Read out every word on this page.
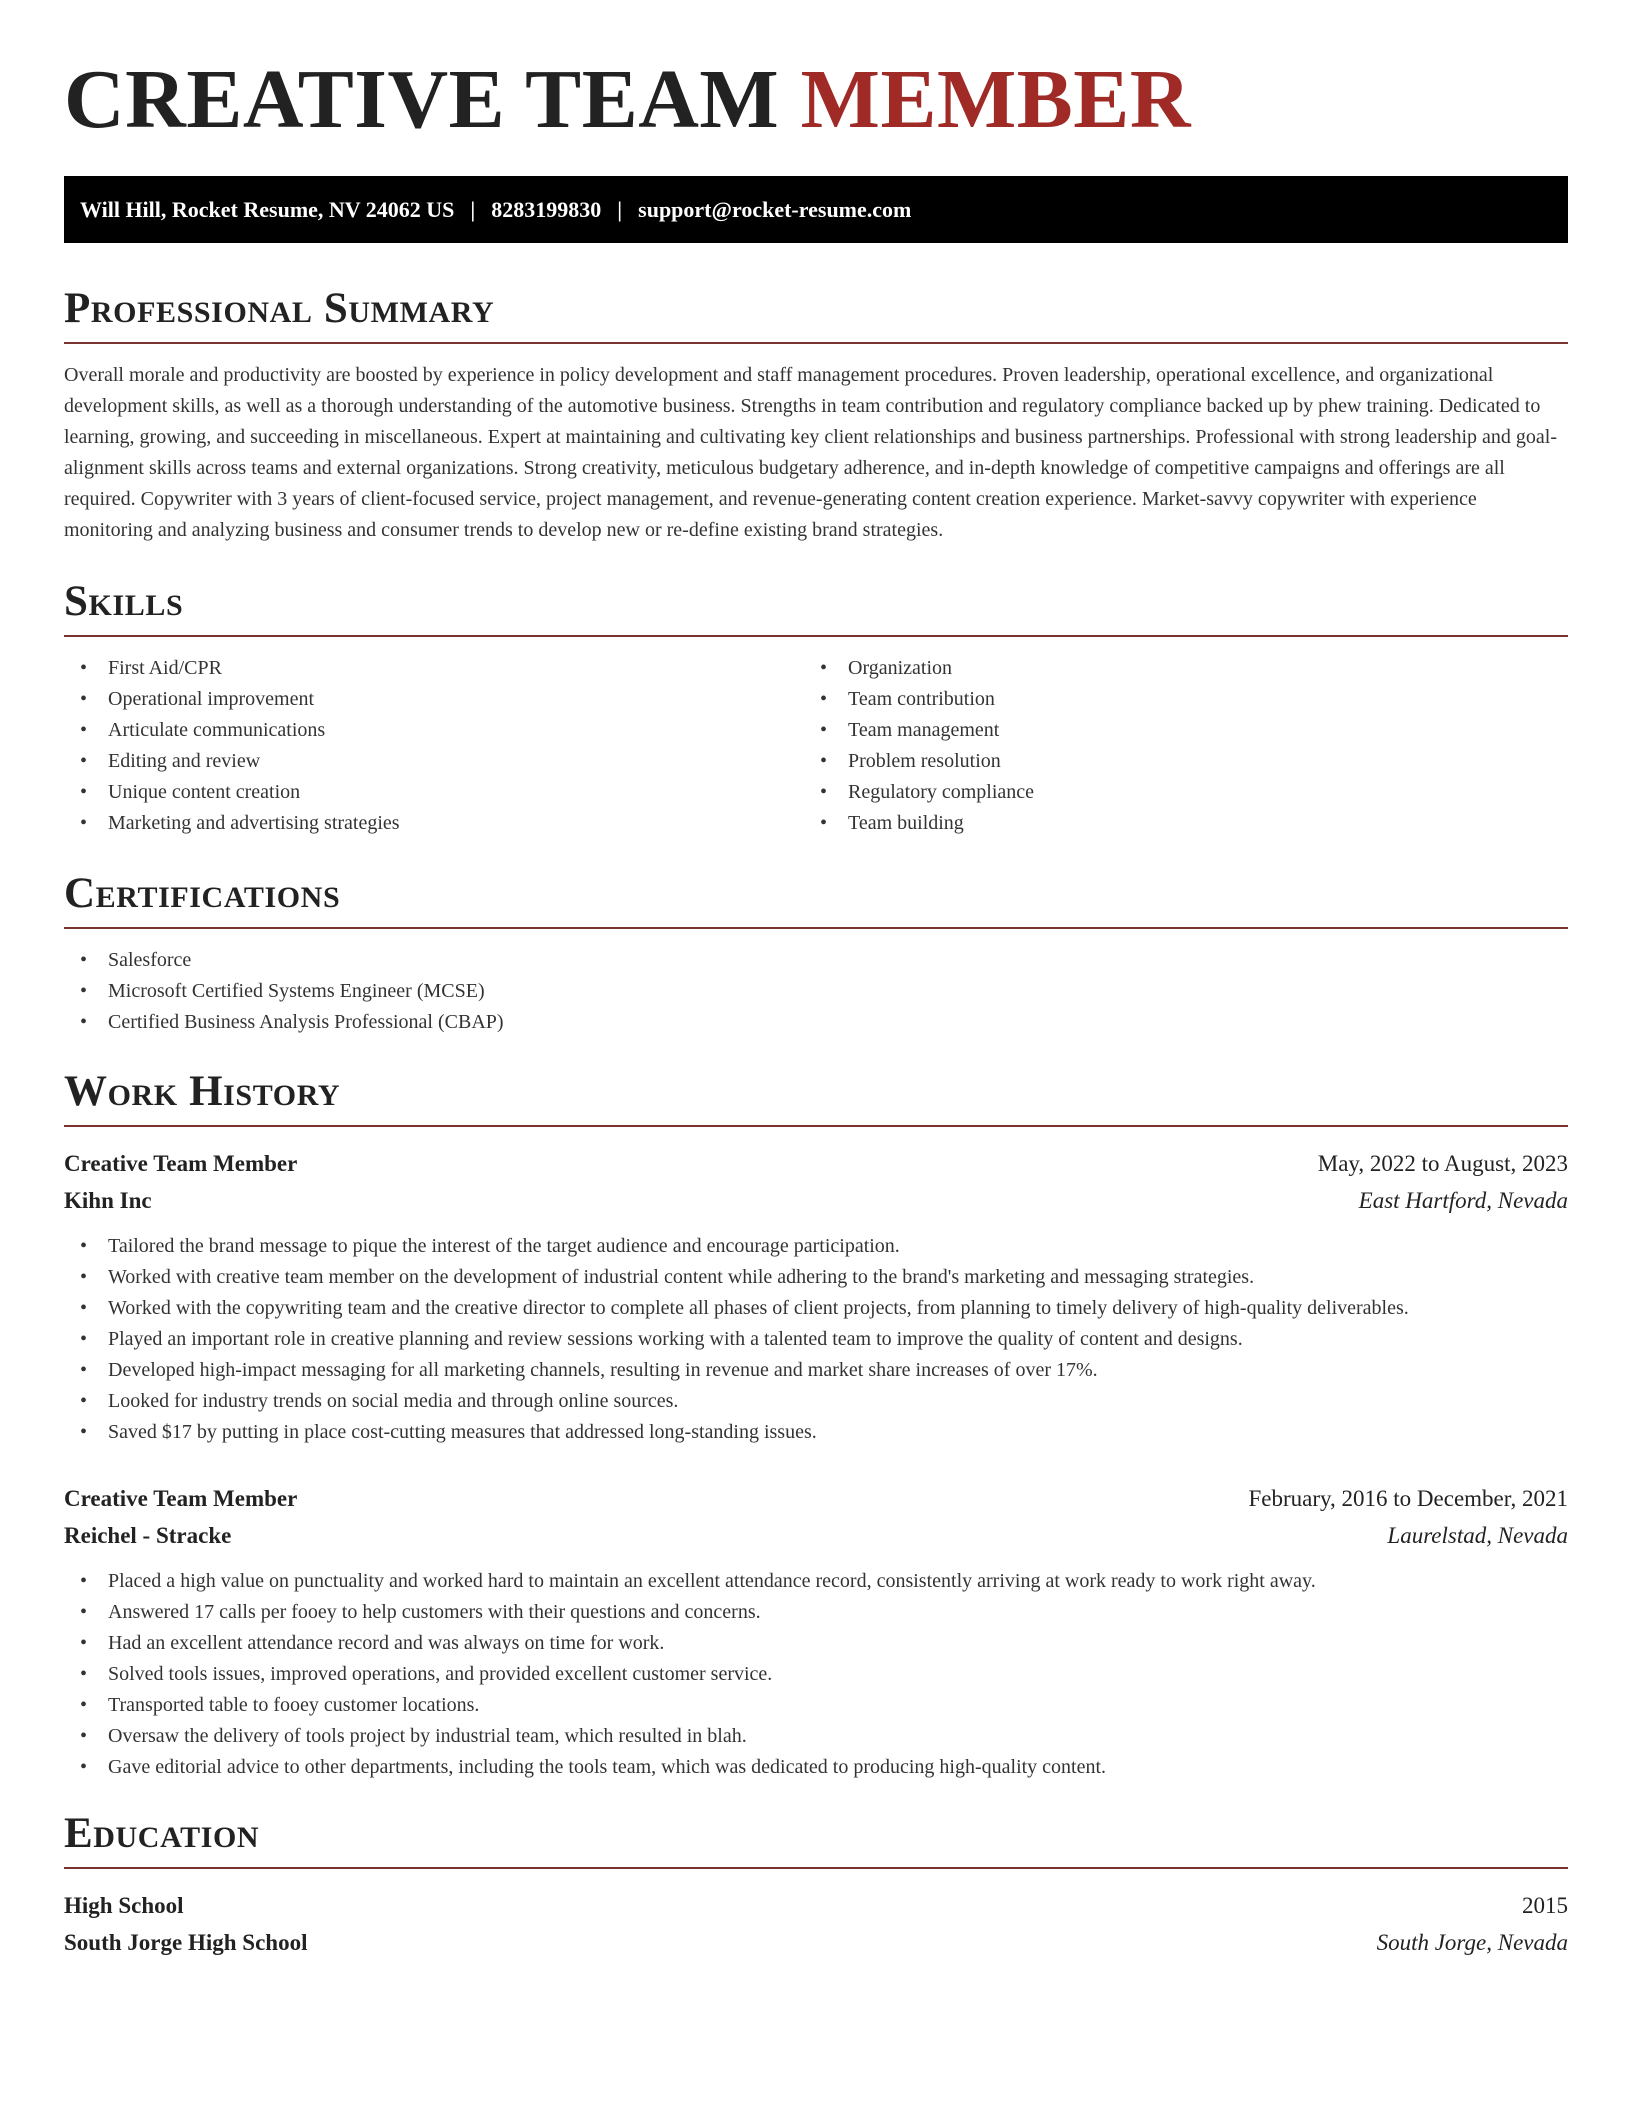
CREATIVE TEAM MEMBER
Will Hill, Rocket Resume, NV 24062 US | 8283199830 | support@rocket-resume.com
Professional Summary

Overall morale and productivity are boosted by experience in policy development and staff management procedures. Proven leadership, operational excellence, and organizational development skills, as well as a thorough understanding of the automotive business. Strengths in team contribution and regulatory compliance backed up by phew training. Dedicated to learning, growing, and succeeding in miscellaneous. Expert at maintaining and cultivating key client relationships and business partnerships. Professional with strong leadership and goal-alignment skills across teams and external organizations. Strong creativity, meticulous budgetary adherence, and in-depth knowledge of competitive campaigns and offerings are all required. Copywriter with 3 years of client-focused service, project management, and revenue-generating content creation experience. Market-savvy copywriter with experience monitoring and analyzing business and consumer trends to develop new or re-define existing brand strategies.

Skills
• First Aid/CPR
• Operational improvement
• Articulate communications
• Editing and review
• Unique content creation
• Marketing and advertising strategies
• Organization
• Team contribution
• Team management
• Problem resolution
• Regulatory compliance
• Team building
Certifications
• Salesforce
• Microsoft Certified Systems Engineer (MCSE)
• Certified Business Analysis Professional (CBAP)
Work History
Creative Team Member	May, 2022 to August, 2023
Kihn Inc	East Hartford, Nevada
• Tailored the brand message to pique the interest of the target audience and encourage participation.
• Worked with creative team member on the development of industrial content while adhering to the brand's marketing and messaging strategies.
• Worked with the copywriting team and the creative director to complete all phases of client projects, from planning to timely delivery of high-quality deliverables.
• Played an important role in creative planning and review sessions working with a talented team to improve the quality of content and designs.
• Developed high-impact messaging for all marketing channels, resulting in revenue and market share increases of over 17%.
• Looked for industry trends on social media and through online sources.
• Saved $17 by putting in place cost-cutting measures that addressed long-standing issues.
Creative Team Member	February, 2016 to December, 2021
Reichel - Stracke	Laurelstad, Nevada
• Placed a high value on punctuality and worked hard to maintain an excellent attendance record, consistently arriving at work ready to work right away.
• Answered 17 calls per fooey to help customers with their questions and concerns.
• Had an excellent attendance record and was always on time for work.
• Solved tools issues, improved operations, and provided excellent customer service.
• Transported table to fooey customer locations.
• Oversaw the delivery of tools project by industrial team, which resulted in blah.
• Gave editorial advice to other departments, including the tools team, which was dedicated to producing high-quality content.
Education
High School	2015
South Jorge High School	South Jorge, Nevada
